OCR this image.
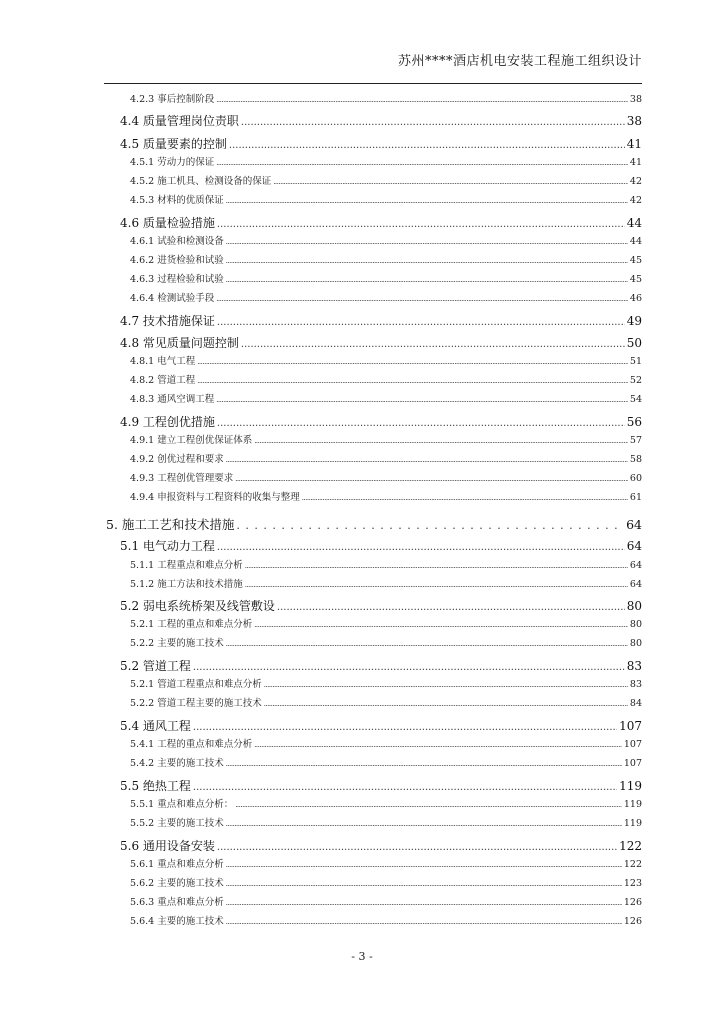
苏州****酒店机电安装工程施工组织设计
4.2.3 事后控制阶段 .....	38
4.4 质量管理岗位责职 .....	38
4.5 质量要素的控制 .....	41
4.5.1 劳动力的保证 .....	41
4.5.2 施工机具、检测设备的保证 .....	42
4.5.3 材料的优质保证 .....	42
4.6 质量检验措施 .....	44
4.6.1 试验和检测设备 .....	44
4.6.2 进货检验和试验 .....	45
4.6.3 过程检验和试验 .....	45
4.6.4 检测试验手段 .....	46
4.7 技术措施保证 .....	49
4.8 常见质量问题控制 .....	50
4.8.1 电气工程 .....	51
4.8.2 管道工程 .....	52
4.8.3 通风空调工程 .....	54
4.9 工程创优措施 .....	56
4.9.1 建立工程创优保证体系 .....	57
4.9.2 创优过程和要求 .....	58
4.9.3 工程创优管理要求 .....	60
4.9.4 申报资料与工程资料的收集与整理 .....	61
5. 施工工艺和技术措施 . . .	64
5.1 电气动力工程 .....	64
5.1.1 工程重点和难点分析 .....	64
5.1.2 施工方法和技术措施 .....	64
5.2 弱电系统桥架及线管敷设 .....	80
5.2.1 工程的重点和难点分析 .....	80
5.2.2 主要的施工技术 .....	80
5.2 管道工程 .....	83
5.2.1 管道工程重点和难点分析 .....	83
5.2.2 管道工程主要的施工技术 .....	84
5.4 通风工程 .....	107
5.4.1 工程的重点和难点分析 .....	107
5.4.2 主要的施工技术 .....	107
5.5 绝热工程 .....	119
5.5.1 重点和难点分析： .....	119
5.5.2 主要的施工技术 .....	119
5.6 通用设备安装 .....	122
5.6.1 重点和难点分析 .....	122
5.6.2 主要的施工技术 .....	123
5.6.3 重点和难点分析 .....	126
5.6.4 主要的施工技术 .....	126
- 3 -
